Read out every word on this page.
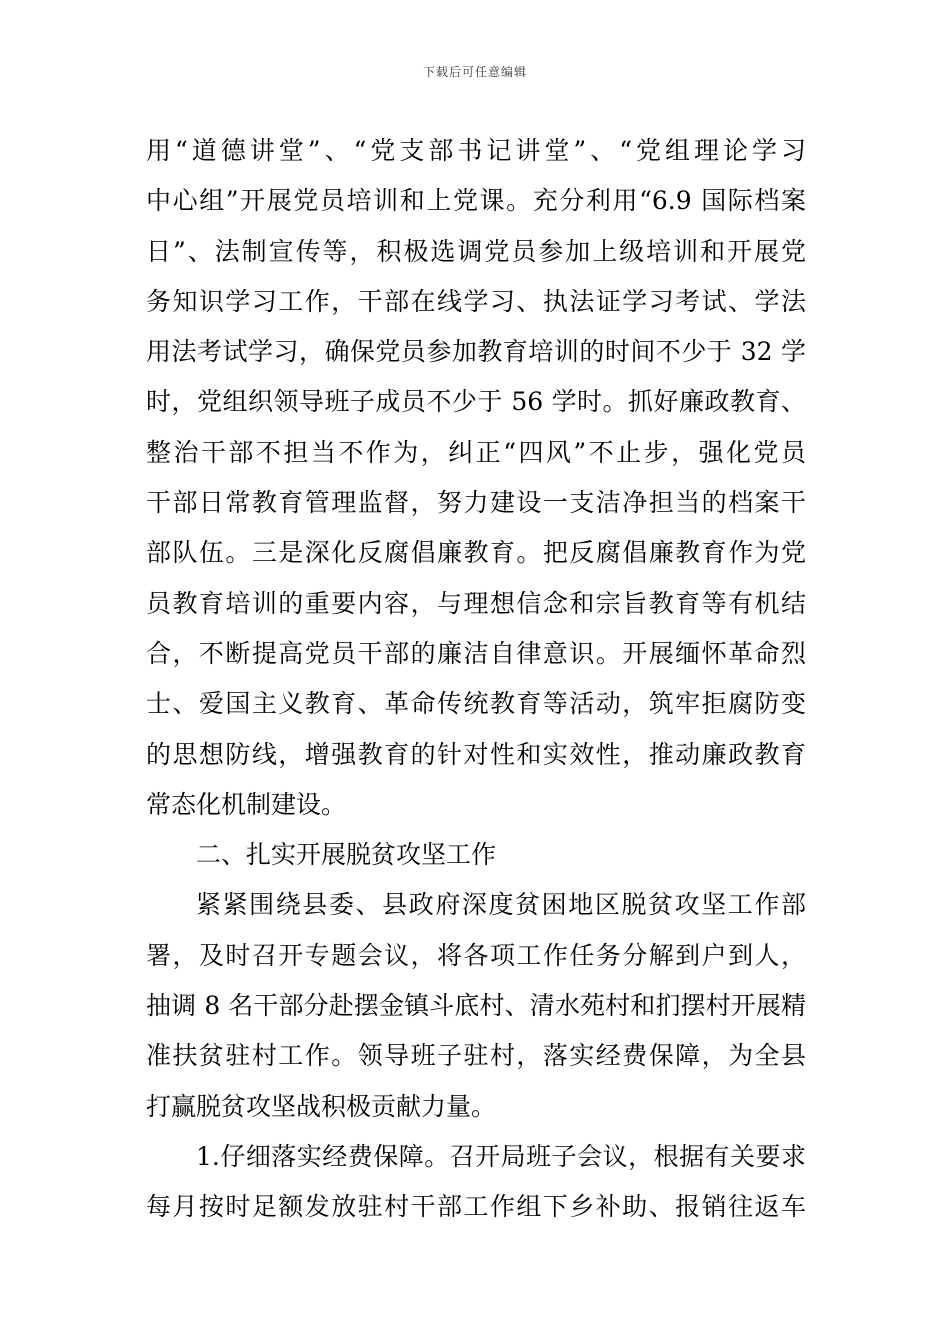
下载后可任意编辑
用“道德讲堂”、“党支部书记讲堂”、“党组理论学习
中心组”开展党员培训和上党课。充分利用“6.9 国际档案
日”、法制宣传等，积极选调党员参加上级培训和开展党
务知识学习工作，干部在线学习、执法证学习考试、学法
用法考试学习，确保党员参加教育培训的时间不少于 32 学
时，党组织领导班子成员不少于 56 学时。抓好廉政教育、
整治干部不担当不作为，纠正“四风”不止步，强化党员
干部日常教育管理监督，努力建设一支洁净担当的档案干
部队伍。三是深化反腐倡廉教育。把反腐倡廉教育作为党
员教育培训的重要内容，与理想信念和宗旨教育等有机结
合，不断提高党员干部的廉洁自律意识。开展缅怀革命烈
士、爱国主义教育、革命传统教育等活动，筑牢拒腐防变
的思想防线，增强教育的针对性和实效性，推动廉政教育
常态化机制建设。
二、扎实开展脱贫攻坚工作
紧紧围绕县委、县政府深度贫困地区脱贫攻坚工作部
署，及时召开专题会议，将各项工作任务分解到户到人，
抽调 8 名干部分赴摆金镇斗底村、清水苑村和扪摆村开展精
准扶贫驻村工作。领导班子驻村，落实经费保障，为全县
打赢脱贫攻坚战积极贡献力量。
1.仔细落实经费保障。召开局班子会议，根据有关要求
每月按时足额发放驻村干部工作组下乡补助、报销往返车
